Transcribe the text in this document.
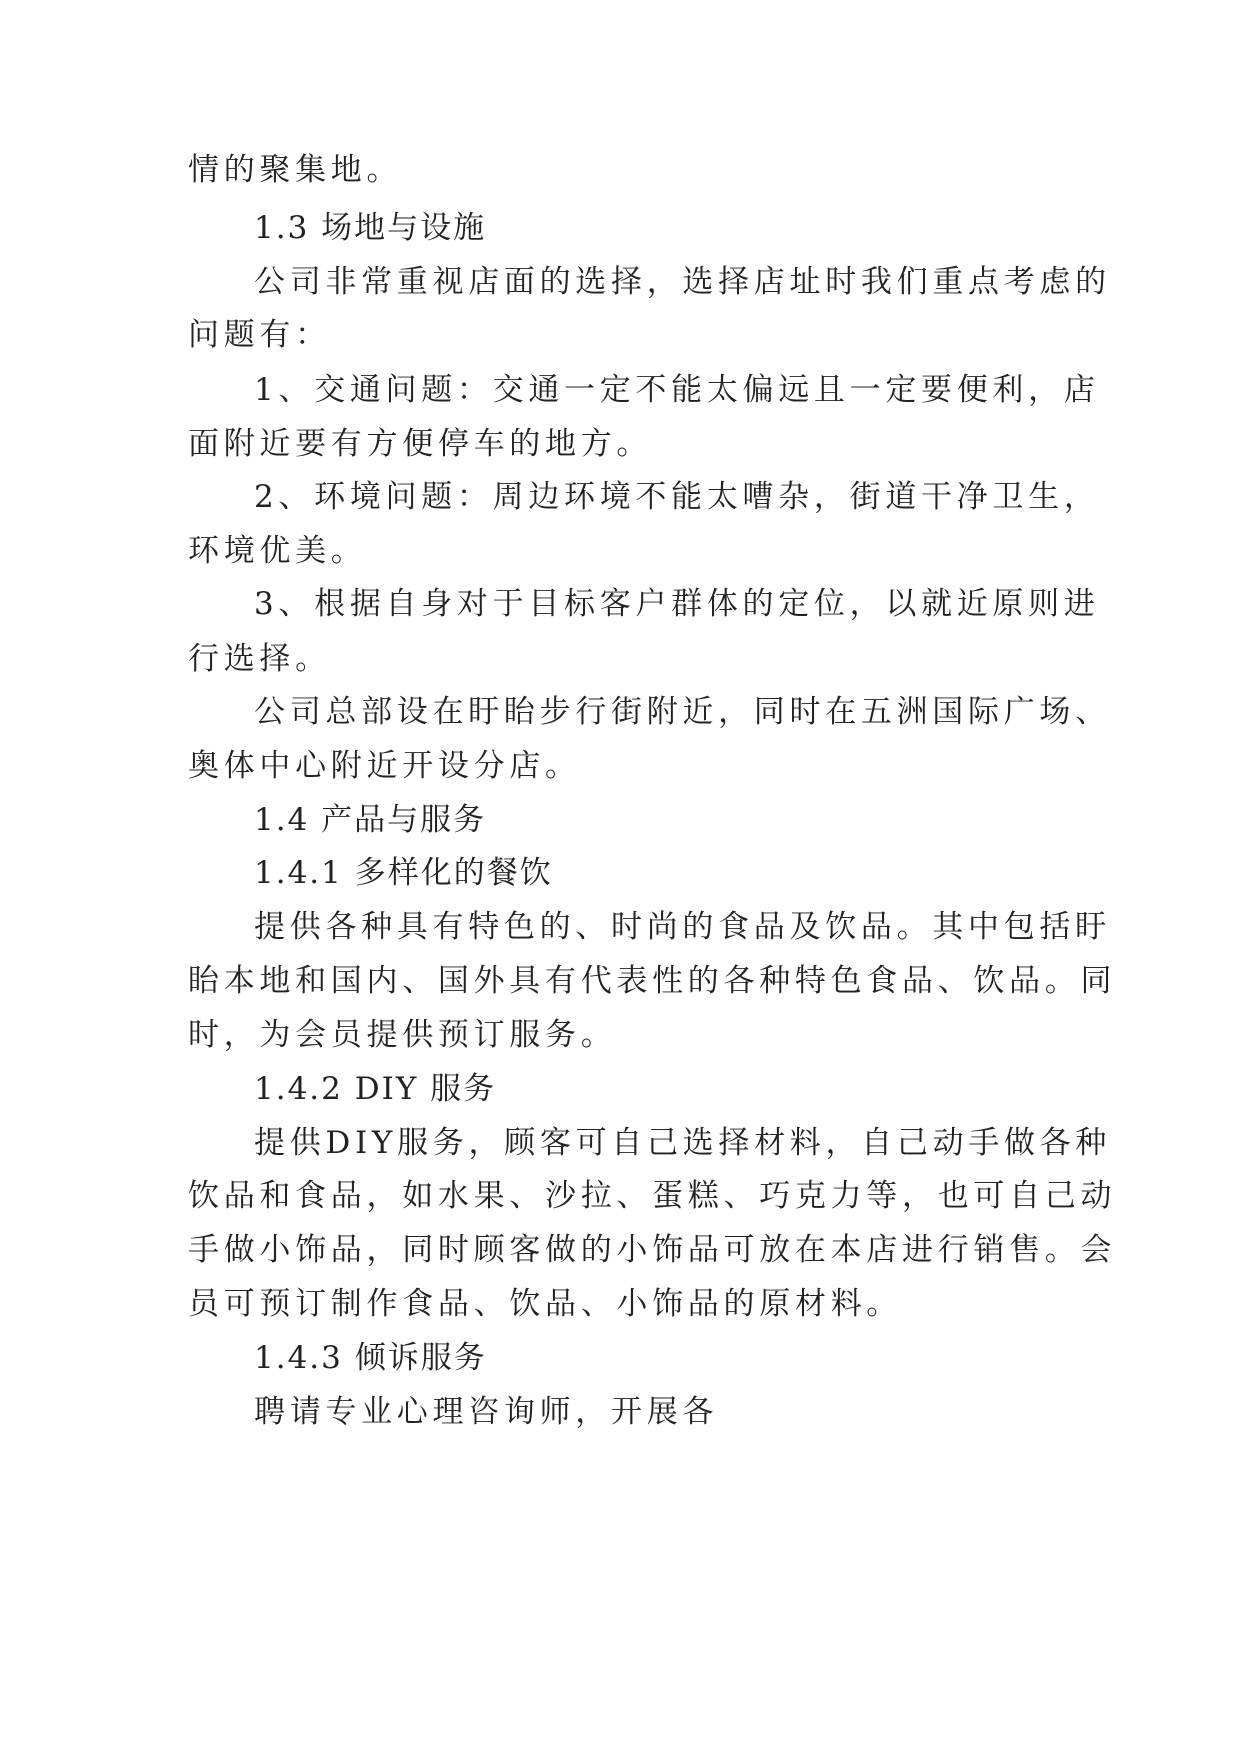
情的聚集地。
1.3 场地与设施
公司非常重视店面的选择，选择店址时我们重点考虑的
问题有：
1、交通问题：交通一定不能太偏远且一定要便利，店
面附近要有方便停车的地方。
2、环境问题：周边环境不能太嘈杂，街道干净卫生，
环境优美。
3、根据自身对于目标客户群体的定位，以就近原则进
行选择。
公司总部设在盱眙步行街附近，同时在五洲国际广场、
奥体中心附近开设分店。
1.4 产品与服务
1.4.1 多样化的餐饮
提供各种具有特色的、时尚的食品及饮品。其中包括盱
眙本地和国内、国外具有代表性的各种特色食品、饮品。同
时，为会员提供预订服务。
1.4.2 DIY 服务
提供DIY服务，顾客可自己选择材料，自己动手做各种
饮品和食品，如水果、沙拉、蛋糕、巧克力等，也可自己动
手做小饰品，同时顾客做的小饰品可放在本店进行销售。会
员可预订制作食品、饮品、小饰品的原材料。
1.4.3 倾诉服务
聘请专业心理咨询师，开展各
